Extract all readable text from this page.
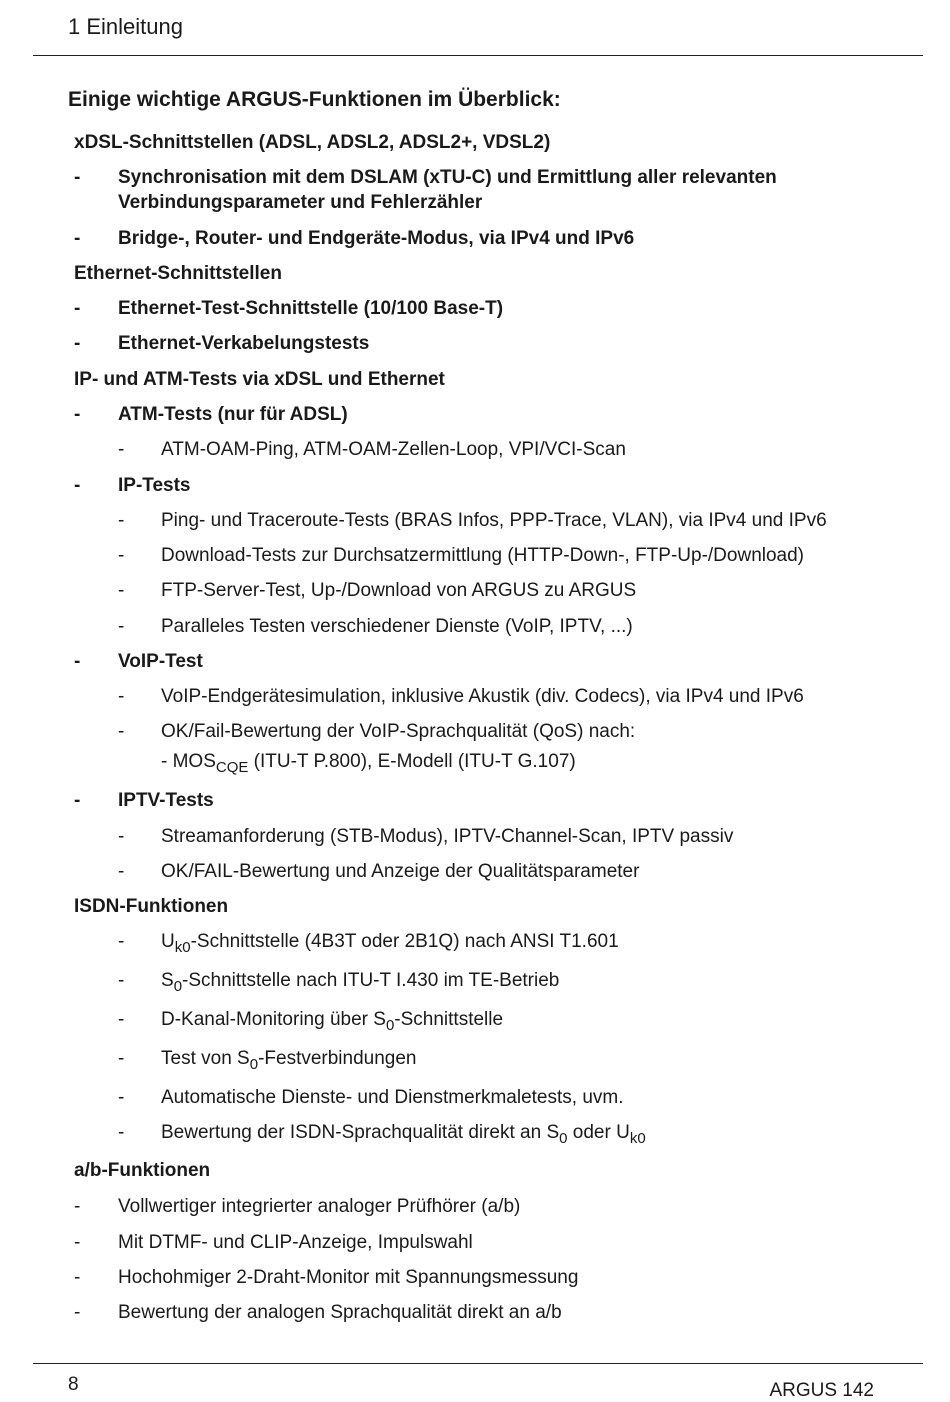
1 Einleitung
Einige wichtige ARGUS-Funktionen im Überblick:
xDSL-Schnittstellen (ADSL, ADSL2, ADSL2+, VDSL2)
- Synchronisation mit dem DSLAM (xTU-C) und Ermittlung aller relevanten
Verbindungsparameter und Fehlerzähler
- Bridge-, Router- und Endgeräte-Modus, via IPv4 und IPv6
Ethernet-Schnittstellen
- Ethernet-Test-Schnittstelle (10/100 Base-T)
- Ethernet-Verkabelungstests
IP- und ATM-Tests via xDSL und Ethernet
- ATM-Tests (nur für ADSL)
- ATM-OAM-Ping, ATM-OAM-Zellen-Loop, VPI/VCI-Scan
- IP-Tests
- Ping- und Traceroute-Tests (BRAS Infos, PPP-Trace, VLAN), via IPv4 und IPv6
- Download-Tests zur Durchsatzermittlung (HTTP-Down-, FTP-Up-/Download)
- FTP-Server-Test, Up-/Download von ARGUS zu ARGUS
- Paralleles Testen verschiedener Dienste (VoIP, IPTV, ...)
- VoIP-Test
- VoIP-Endgerätesimulation, inklusive Akustik (div. Codecs), via IPv4 und IPv6
- OK/Fail-Bewertung der VoIP-Sprachqualität (QoS) nach:
- $MOS_{CQE}$ (ITU-T P.800), E-Modell (ITU-T G.107)
- IPTV-Tests
- Streamanforderung (STB-Modus), IPTV-Channel-Scan, IPTV passiv
- OK/FAIL-Bewertung und Anzeige der Qualitätsparameter
ISDN-Funktionen
- $U_{k0}$-Schnittstelle (4B3T oder 2B1Q) nach ANSI T1.601
- $S_0$-Schnittstelle nach ITU-T I.430 im TE-Betrieb
- D-Kanal-Monitoring über $S_0$-Schnittstelle
- Test von $S_0$-Festverbindungen
- Automatische Dienste- und Dienstmerkmaletests, uvm.
- Bewertung der ISDN-Sprachqualität direkt an $S_0$ oder $U_{k0}$
a/b-Funktionen
- Vollwertiger integrierter analoger Prüfhörer (a/b)
- Mit DTMF- und CLIP-Anzeige, Impulswahl
- Hochohmiger 2-Draht-Monitor mit Spannungsmessung
- Bewertung der analogen Sprachqualität direkt an a/b
8	ARGUS 142
